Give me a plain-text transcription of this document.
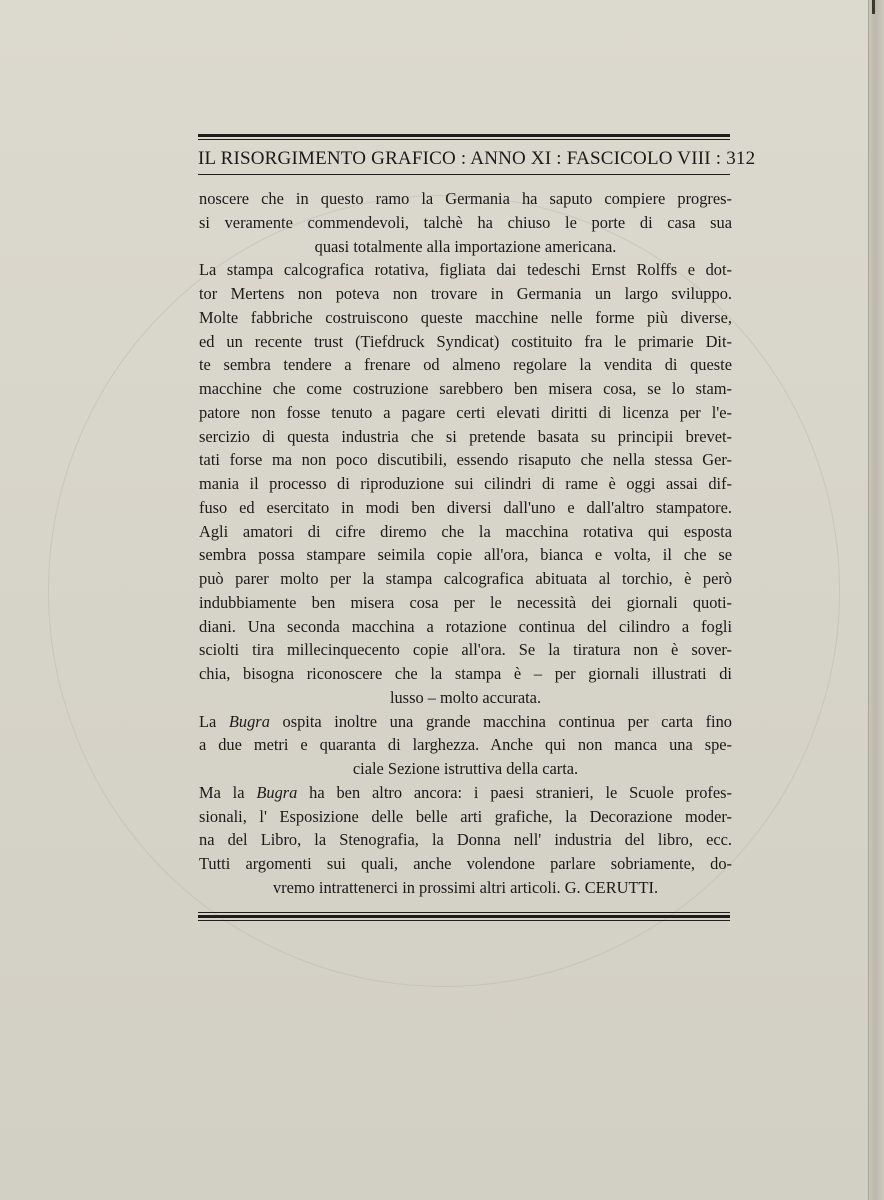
IL RISORGIMENTO GRAFICO : ANNO XI : FASCICOLO VIII : 312
noscere che in questo ramo la Germania ha saputo compiere progres-
si veramente commendevoli, talchè ha chiuso le porte di casa sua
quasi totalmente alla importazione americana.
La stampa calcografica rotativa, figliata dai tedeschi Ernst Rolffs e dot-
tor Mertens non poteva non trovare in Germania un largo sviluppo.
Molte fabbriche costruiscono queste macchine nelle forme più diverse,
ed un recente trust (Tiefdruck Syndicat) costituito fra le primarie Dit-
te sembra tendere a frenare od almeno regolare la vendita di queste
macchine che come costruzione sarebbero ben misera cosa, se lo stam-
patore non fosse tenuto a pagare certi elevati diritti di licenza per l'e-
sercizio di questa industria che si pretende basata su principii brevet-
tati forse ma non poco discutibili, essendo risaputo che nella stessa Ger-
mania il processo di riproduzione sui cilindri di rame è oggi assai dif-
fuso ed esercitato in modi ben diversi dall'uno e dall'altro stampatore.
Agli amatori di cifre diremo che la macchina rotativa qui esposta
sembra possa stampare seimila copie all'ora, bianca e volta, il che se
può parer molto per la stampa calcografica abituata al torchio, è però
indubbiamente ben misera cosa per le necessità dei giornali quoti-
diani. Una seconda macchina a rotazione continua del cilindro a fogli
sciolti tira millecinquecento copie all'ora. Se la tiratura non è sover-
chia, bisogna riconoscere che la stampa è – per giornali illustrati di
lusso – molto accurata.
La Bugra ospita inoltre una grande macchina continua per carta fino
a due metri e quaranta di larghezza. Anche qui non manca una spe-
ciale Sezione istruttiva della carta.
Ma la Bugra ha ben altro ancora: i paesi stranieri, le Scuole profes-
sionali, l' Esposizione delle belle arti grafiche, la Decorazione moder-
na del Libro, la Stenografia, la Donna nell' industria del libro, ecc.
Tutti argomenti sui quali, anche volendone parlare sobriamente, do-
vremo intrattenerci in prossimi altri articoli. G. CERUTTI.
